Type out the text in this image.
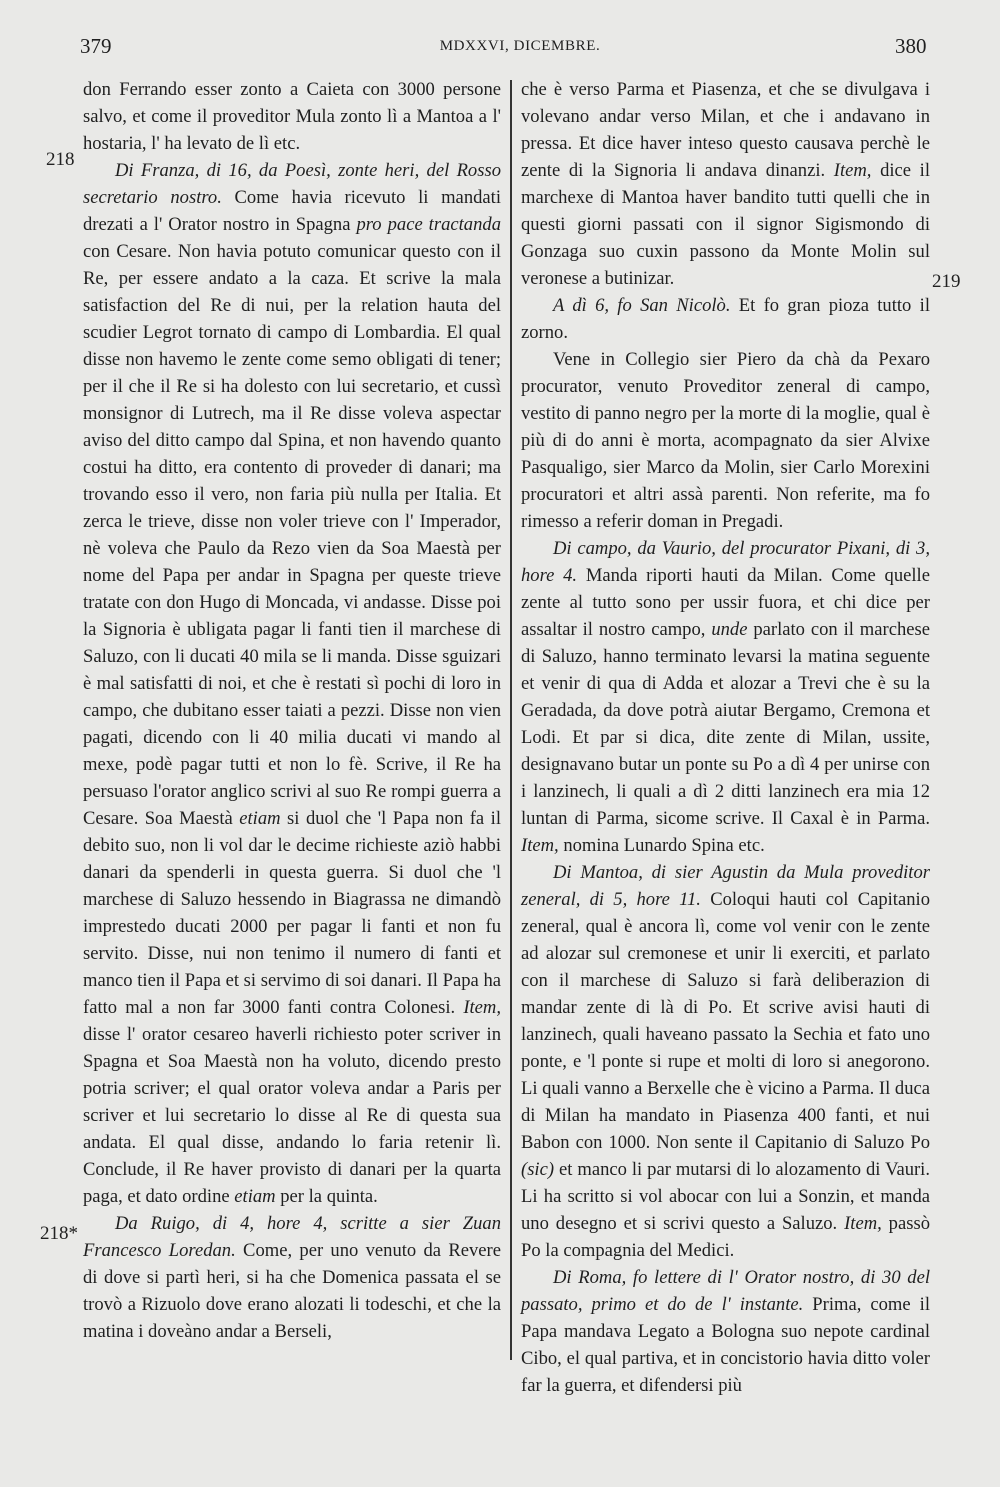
379	MDXXVI, DICEMBRE.	380
218
218*
219

don Ferrando esser zonto a Caieta con 3000 persone salvo, et come il proveditor Mula zonto lì a Mantoa a l' hostaria, l' ha levato de lì etc.

Di Franza, di 16, da Poesì, zonte heri, del Rosso secretario nostro. Come havia ricevuto li mandati drezati a l' Orator nostro in Spagna pro pace tractanda con Cesare. Non havia potuto comunicar questo con il Re, per essere andato a la caza. Et scrive la mala satisfaction del Re di nui, per la relation hauta del scudier Legrot tornato di campo di Lombardia. El qual disse non havemo le zente come semo obligati di tener; per il che il Re si ha dolesto con lui secretario, et cussì monsignor di Lutrech, ma il Re disse voleva aspectar aviso del ditto campo dal Spina, et non havendo quanto costui ha ditto, era contento di proveder di danari; ma trovando esso il vero, non faria più nulla per Italia. Et zerca le trieve, disse non voler trieve con l' Imperador, nè voleva che Paulo da Rezo vien da Soa Maestà per nome del Papa per andar in Spagna per queste trieve tratate con don Hugo di Moncada, vi andasse. Disse poi la Signoria è ubligata pagar li fanti tien il marchese di Saluzo, con li ducati 40 mila se li manda. Disse sguizari è mal satisfatti di noi, et che è restati sì pochi di loro in campo, che dubitano esser taiati a pezzi. Disse non vien pagati, dicendo con li 40 milia ducati vi mando al mexe, podè pagar tutti et non lo fè. Scrive, il Re ha persuaso l'orator anglico scrivi al suo Re rompi guerra a Cesare. Soa Maestà etiam si duol che 'l Papa non fa il debito suo, non li vol dar le decime richieste aziò habbi danari da spenderli in questa guerra. Si duol che 'l marchese di Saluzo hessendo in Biagrassa ne dimandò imprestedo ducati 2000 per pagar li fanti et non fu servito. Disse, nui non tenimo il numero di fanti et manco tien il Papa et si servimo di soi danari. Il Papa ha fatto mal a non far 3000 fanti contra Colonesi. Item, disse l' orator cesareo haverli richiesto poter scriver in Spagna et Soa Maestà non ha voluto, dicendo presto potria scriver; el qual orator voleva andar a Paris per scriver et lui secretario lo disse al Re di questa sua andata. El qual disse, andando lo faria retenir lì. Conclude, il Re haver provisto di danari per la quarta paga, et dato ordine etiam per la quinta.

Da Ruigo, di 4, hore 4, scritte a sier Zuan Francesco Loredan. Come, per uno venuto da Revere di dove si partì heri, si ha che Domenica passata el se trovò a Rizuolo dove erano alozati li todeschi, et che la matina i doveàno andar a Berseli,

che è verso Parma et Piasenza, et che se divulgava i volevano andar verso Milan, et che i andavano in pressa. Et dice haver inteso questo causava perchè le zente di la Signoria li andava dinanzi. Item, dice il marchexe di Mantoa haver bandito tutti quelli che in questi giorni passati con il signor Sigismondo di Gonzaga suo cuxin passono da Monte Molin sul veronese a butinizar.

A dì 6, fo San Nicolò. Et fo gran pioza tutto il zorno.

Vene in Collegio sier Piero da chà da Pexaro procurator, venuto Proveditor zeneral di campo, vestito di panno negro per la morte di la moglie, qual è più di do anni è morta, acompagnato da sier Alvixe Pasqualigo, sier Marco da Molin, sier Carlo Morexini procuratori et altri assà parenti. Non referite, ma fo rimesso a referir doman in Pregadi.

Di campo, da Vaurio, del procurator Pixani, di 3, hore 4. Manda riporti hauti da Milan. Come quelle zente al tutto sono per ussir fuora, et chi dice per assaltar il nostro campo, unde parlato con il marchese di Saluzo, hanno terminato levarsi la matina seguente et venir di qua di Adda et alozar a Trevi che è su la Geradada, da dove potrà aiutar Bergamo, Cremona et Lodi. Et par si dica, dite zente di Milan, ussite, designavano butar un ponte su Po a dì 4 per unirse con i lanzinech, li quali a dì 2 ditti lanzinech era mia 12 luntan di Parma, sicome scrive. Il Caxal è in Parma. Item, nomina Lunardo Spina etc.

Di Mantoa, di sier Agustin da Mula proveditor zeneral, di 5, hore 11. Coloqui hauti col Capitanio zeneral, qual è ancora lì, come vol venir con le zente ad alozar sul cremonese et unir li exerciti, et parlato con il marchese di Saluzo si farà deliberazion di mandar zente di là di Po. Et scrive avisi hauti di lanzinech, quali haveano passato la Sechia et fato uno ponte, e 'l ponte si rupe et molti di loro si anegorono. Li quali vanno a Berxelle che è vicino a Parma. Il duca di Milan ha mandato in Piasenza 400 fanti, et nui Babon con 1000. Non sente il Capitanio di Saluzo Po (sic) et manco li par mutarsi di lo alozamento di Vauri. Li ha scritto si vol abocar con lui a Sonzin, et manda uno desegno et si scrivi questo a Saluzo. Item, passò Po la compagnia del Medici.

Di Roma, fo lettere di l' Orator nostro, di 30 del passato, primo et do de l' instante. Prima, come il Papa mandava Legato a Bologna suo nepote cardinal Cibo, el qual partiva, et in concistorio havia ditto voler far la guerra, et difendersi più
